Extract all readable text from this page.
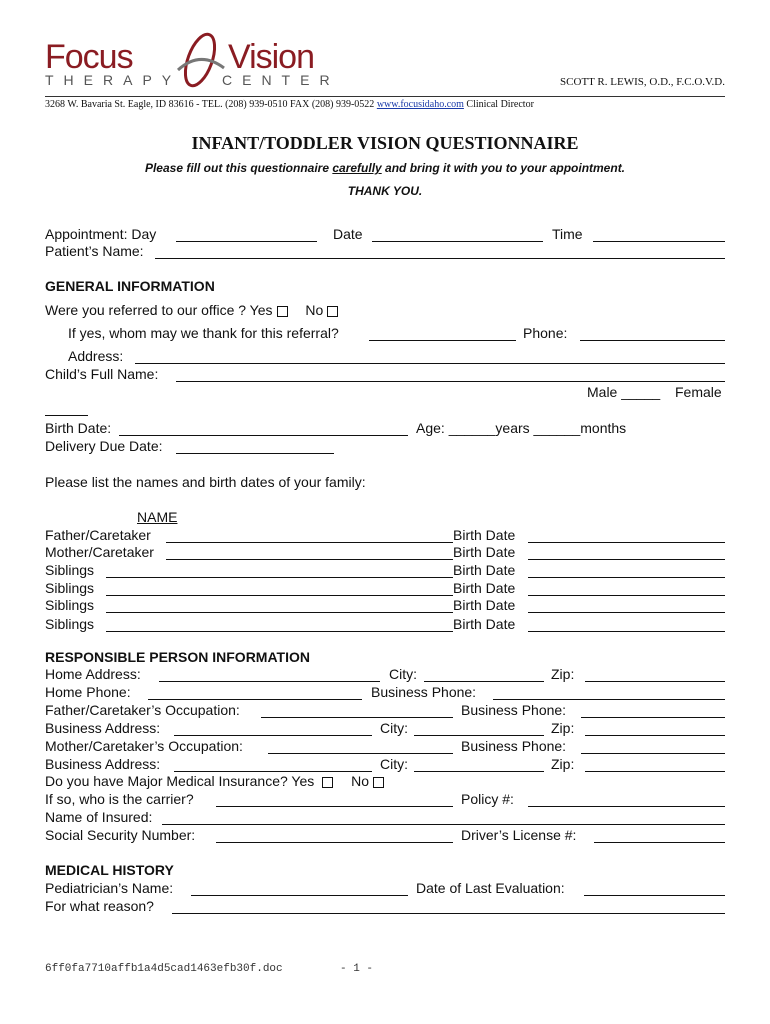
Focus	Vision
THERAPY	CENTER	SCOTT R. LEWIS, O.D., F.C.O.V.D.
3268 W. Bavaria St. Eagle, ID 83616 - TEL. (208) 939-0510 FAX (208) 939-0522 www.focusidaho.com Clinical Director
INFANT/TODDLER VISION QUESTIONNAIRE
Please fill out this questionnaire carefully and bring it with you to your appointment.
THANK YOU.
Appointment: Day	Date	Time
Patient’s Name:
GENERAL INFORMATION
Were you referred to our office ? Yes No
If yes, whom may we thank for this referral?	Phone:
Address:
Child’s Full Name:
Male _____ Female
Birth Date:	Age: ______years ______months
Delivery Due Date:
Please list the names and birth dates of your family:
NAME
Father/Caretaker	Birth Date
Mother/Caretaker	Birth Date
Siblings	Birth Date
Siblings	Birth Date
Siblings	Birth Date
Siblings	Birth Date
RESPONSIBLE PERSON INFORMATION
Home Address:	City:	Zip:
Home Phone:	Business Phone:
Father/Caretaker’s Occupation:	Business Phone:
Business Address:	City:	Zip:
Mother/Caretaker’s Occupation:	Business Phone:
Business Address:	City:	Zip:
Do you have Major Medical Insurance? Yes	No
If so, who is the carrier?	Policy #:
Name of Insured:
Social Security Number:	Driver’s License #:
MEDICAL HISTORY
Pediatrician’s Name:	Date of Last Evaluation:
For what reason?
6ff0fa7710affb1a4d5cad1463efb30f.doc	- 1 -
